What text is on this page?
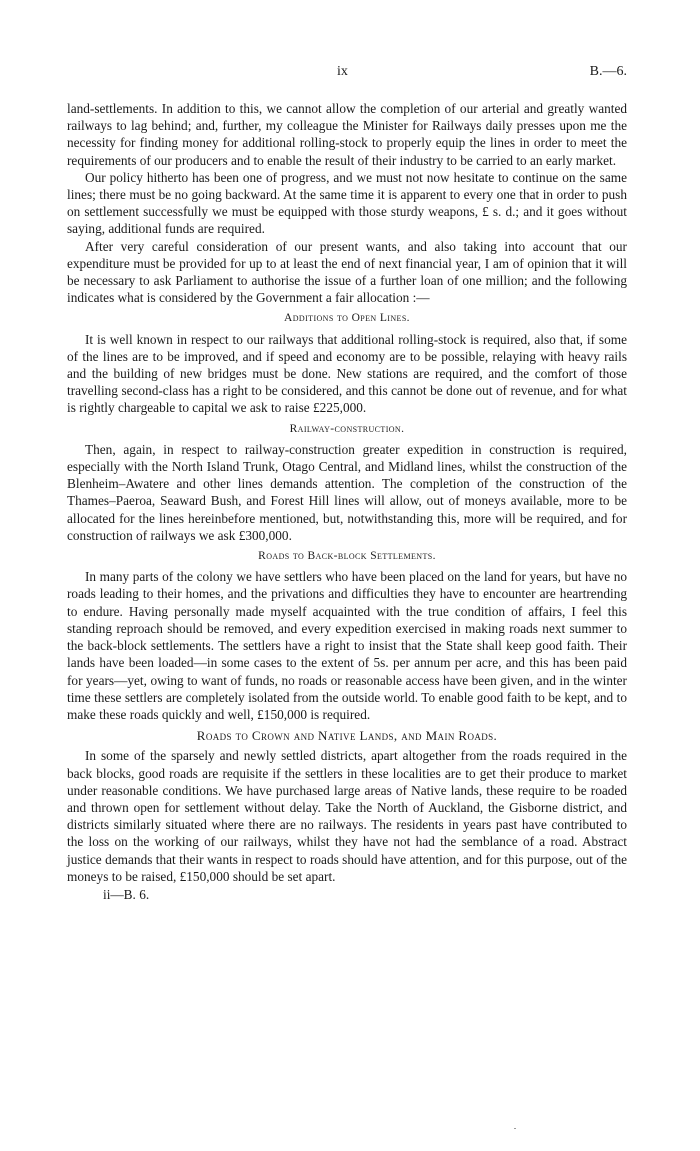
ix	B.—6.

land-settlements. In addition to this, we cannot allow the completion of our arterial and greatly wanted railways to lag behind; and, further, my colleague the Minister for Railways daily presses upon me the necessity for finding money for additional rolling-stock to properly equip the lines in order to meet the requirements of our producers and to enable the result of their industry to be carried to an early market.

Our policy hitherto has been one of progress, and we must not now hesitate to continue on the same lines; there must be no going backward. At the same time it is apparent to every one that in order to push on settlement successfully we must be equipped with those sturdy weapons, £ s. d.; and it goes without saying, additional funds are required.

After very careful consideration of our present wants, and also taking into account that our expenditure must be provided for up to at least the end of next financial year, I am of opinion that it will be necessary to ask Parliament to authorise the issue of a further loan of one million; and the following indicates what is considered by the Government a fair allocation :—

Additions to Open Lines.

It is well known in respect to our railways that additional rolling-stock is required, also that, if some of the lines are to be improved, and if speed and economy are to be possible, relaying with heavy rails and the building of new bridges must be done. New stations are required, and the comfort of those travelling second-class has a right to be considered, and this cannot be done out of revenue, and for what is rightly chargeable to capital we ask to raise £225,000.

Railway-construction.

Then, again, in respect to railway-construction greater expedition in construction is required, especially with the North Island Trunk, Otago Central, and Midland lines, whilst the construction of the Blenheim–Awatere and other lines demands attention. The completion of the construction of the Thames–Paeroa, Seaward Bush, and Forest Hill lines will allow, out of moneys available, more to be allocated for the lines hereinbefore mentioned, but, notwithstanding this, more will be required, and for construction of railways we ask £300,000.

Roads to Back-block Settlements.

In many parts of the colony we have settlers who have been placed on the land for years, but have no roads leading to their homes, and the privations and difficulties they have to encounter are heartrending to endure. Having personally made myself acquainted with the true condition of affairs, I feel this standing reproach should be removed, and every expedition exercised in making roads next summer to the back-block settlements. The settlers have a right to insist that the State shall keep good faith. Their lands have been loaded—in some cases to the extent of 5s. per annum per acre, and this has been paid for years—yet, owing to want of funds, no roads or reasonable access have been given, and in the winter time these settlers are completely isolated from the outside world. To enable good faith to be kept, and to make these roads quickly and well, £150,000 is required.

Roads to Crown and Native Lands, and Main Roads.

In some of the sparsely and newly settled districts, apart altogether from the roads required in the back blocks, good roads are requisite if the settlers in these localities are to get their produce to market under reasonable conditions. We have purchased large areas of Native lands, these require to be roaded and thrown open for settlement without delay. Take the North of Auckland, the Gisborne district, and districts similarly situated where there are no railways. The residents in years past have contributed to the loss on the working of our railways, whilst they have not had the semblance of a road. Abstract justice demands that their wants in respect to roads should have attention, and for this purpose, out of the moneys to be raised, £150,000 should be set apart.

ii—B. 6.
